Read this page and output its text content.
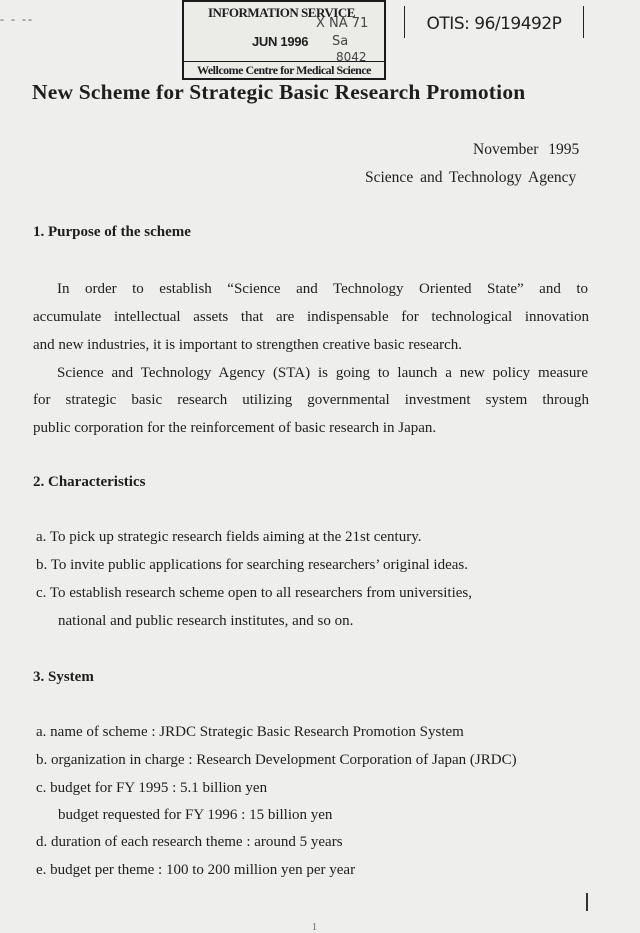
- - --	INFORMATION SERVICE
X NA 71
JUN 1996 Sa
8042
Wellcome Centre for Medical Science
OTIS: 96/19492P
New Scheme for Strategic Basic Research Promotion
November 1995
Science and Technology Agency
1. Purpose of the scheme
In order to establish “Science and Technology Oriented State” and to
accumulate intellectual assets that are indispensable for technological innovation
and new industries, it is important to strengthen creative basic research.
Science and Technology Agency (STA) is going to launch a new policy measure
for strategic basic research utilizing governmental investment system through
public corporation for the reinforcement of basic research in Japan.
2. Characteristics
a. To pick up strategic research fields aiming at the 21st century.
b. To invite public applications for searching researchers’ original ideas.
c. To establish research scheme open to all researchers from universities,
national and public research institutes, and so on.
3. System
a. name of scheme : JRDC Strategic Basic Research Promotion System
b. organization in charge : Research Development Corporation of Japan (JRDC)
c. budget for FY 1995 : 5.1 billion yen
budget requested for FY 1996 : 15 billion yen
d. duration of each research theme : around 5 years
e. budget per theme : 100 to 200 million yen per year
1
